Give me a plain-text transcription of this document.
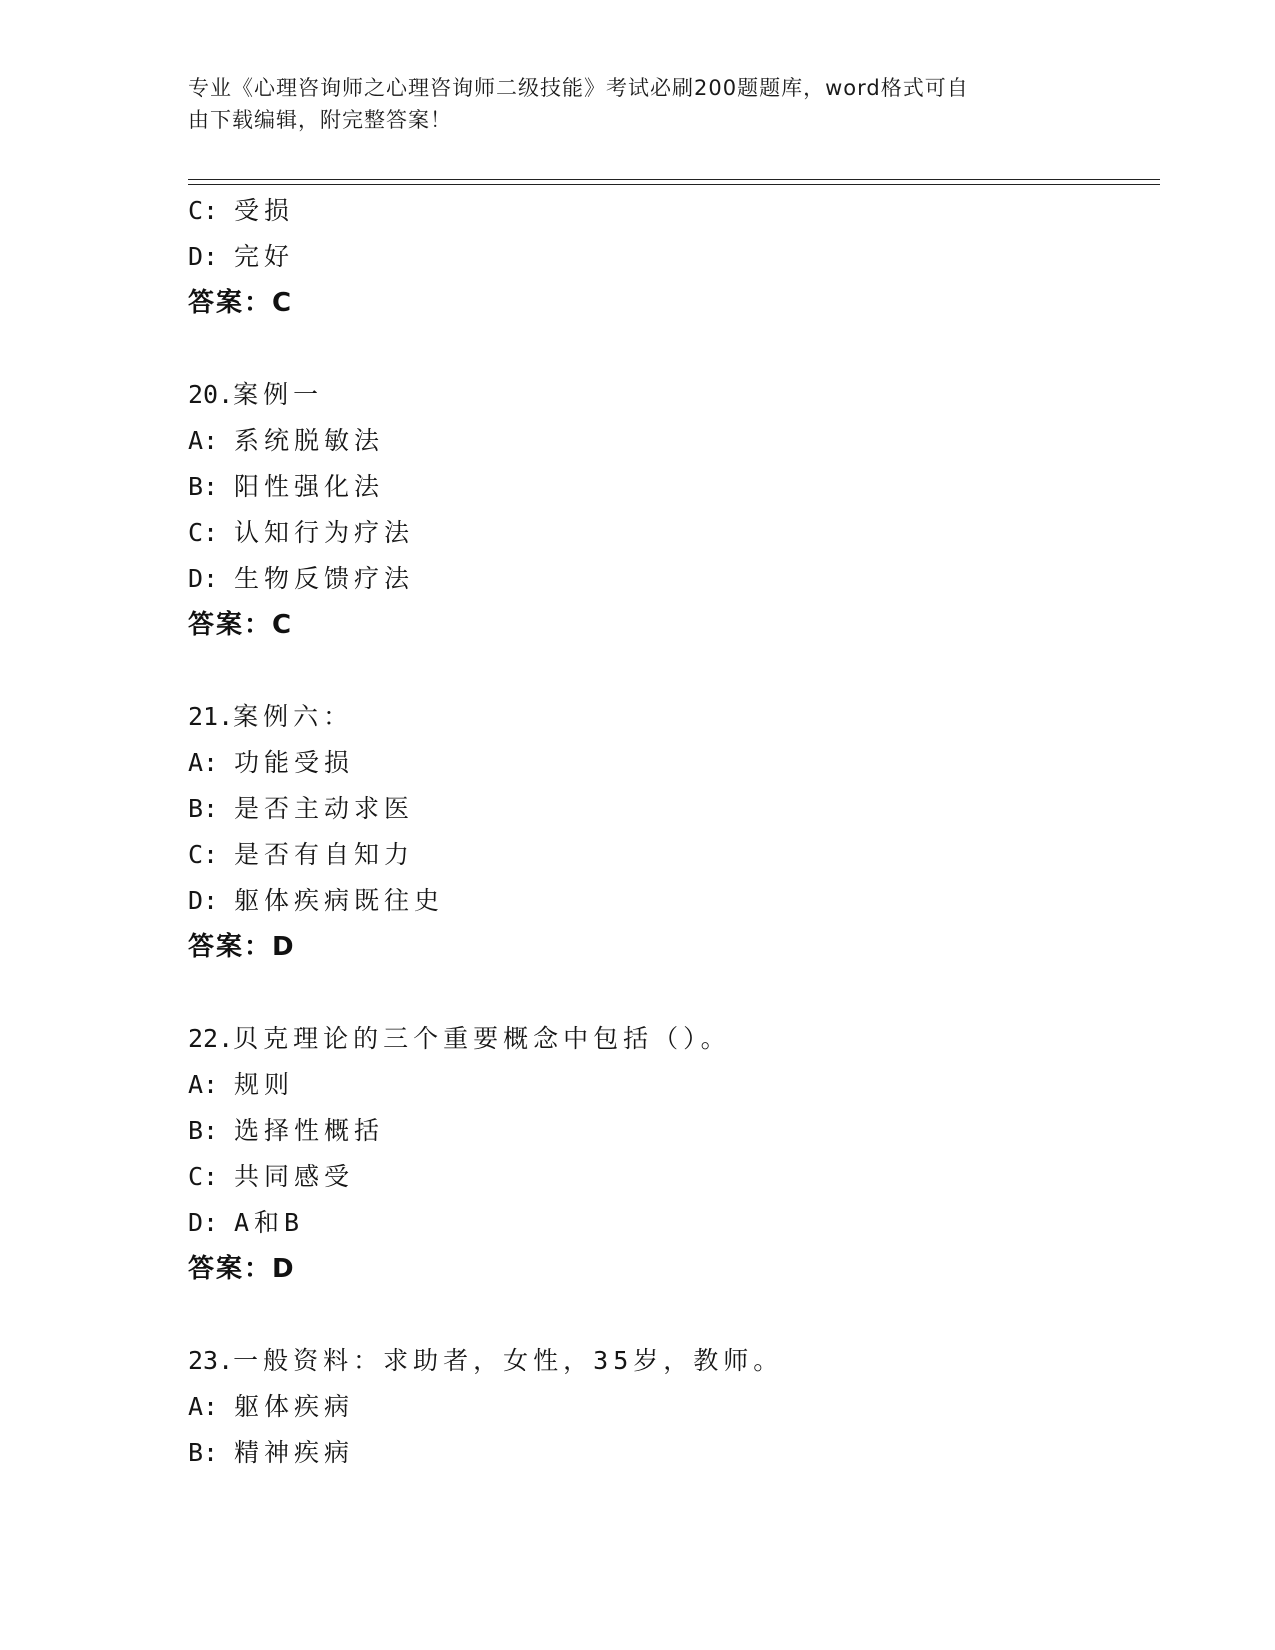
专业《心理咨询师之心理咨询师二级技能》考试必刷200题题库，word格式可自
由下载编辑，附完整答案！
C: 受损
D: 完好
答案：C
20.案例一
A: 系统脱敏法
B: 阳性强化法
C: 认知行为疗法
D: 生物反馈疗法
答案：C
21.案例六：
A: 功能受损
B: 是否主动求医
C: 是否有自知力
D: 躯体疾病既往史
答案：D
22.贝克理论的三个重要概念中包括（）。
A: 规则
B: 选择性概括
C: 共同感受
D: A和B
答案：D
23.一般资料：求助者，女性，35岁，教师。
A: 躯体疾病
B: 精神疾病
